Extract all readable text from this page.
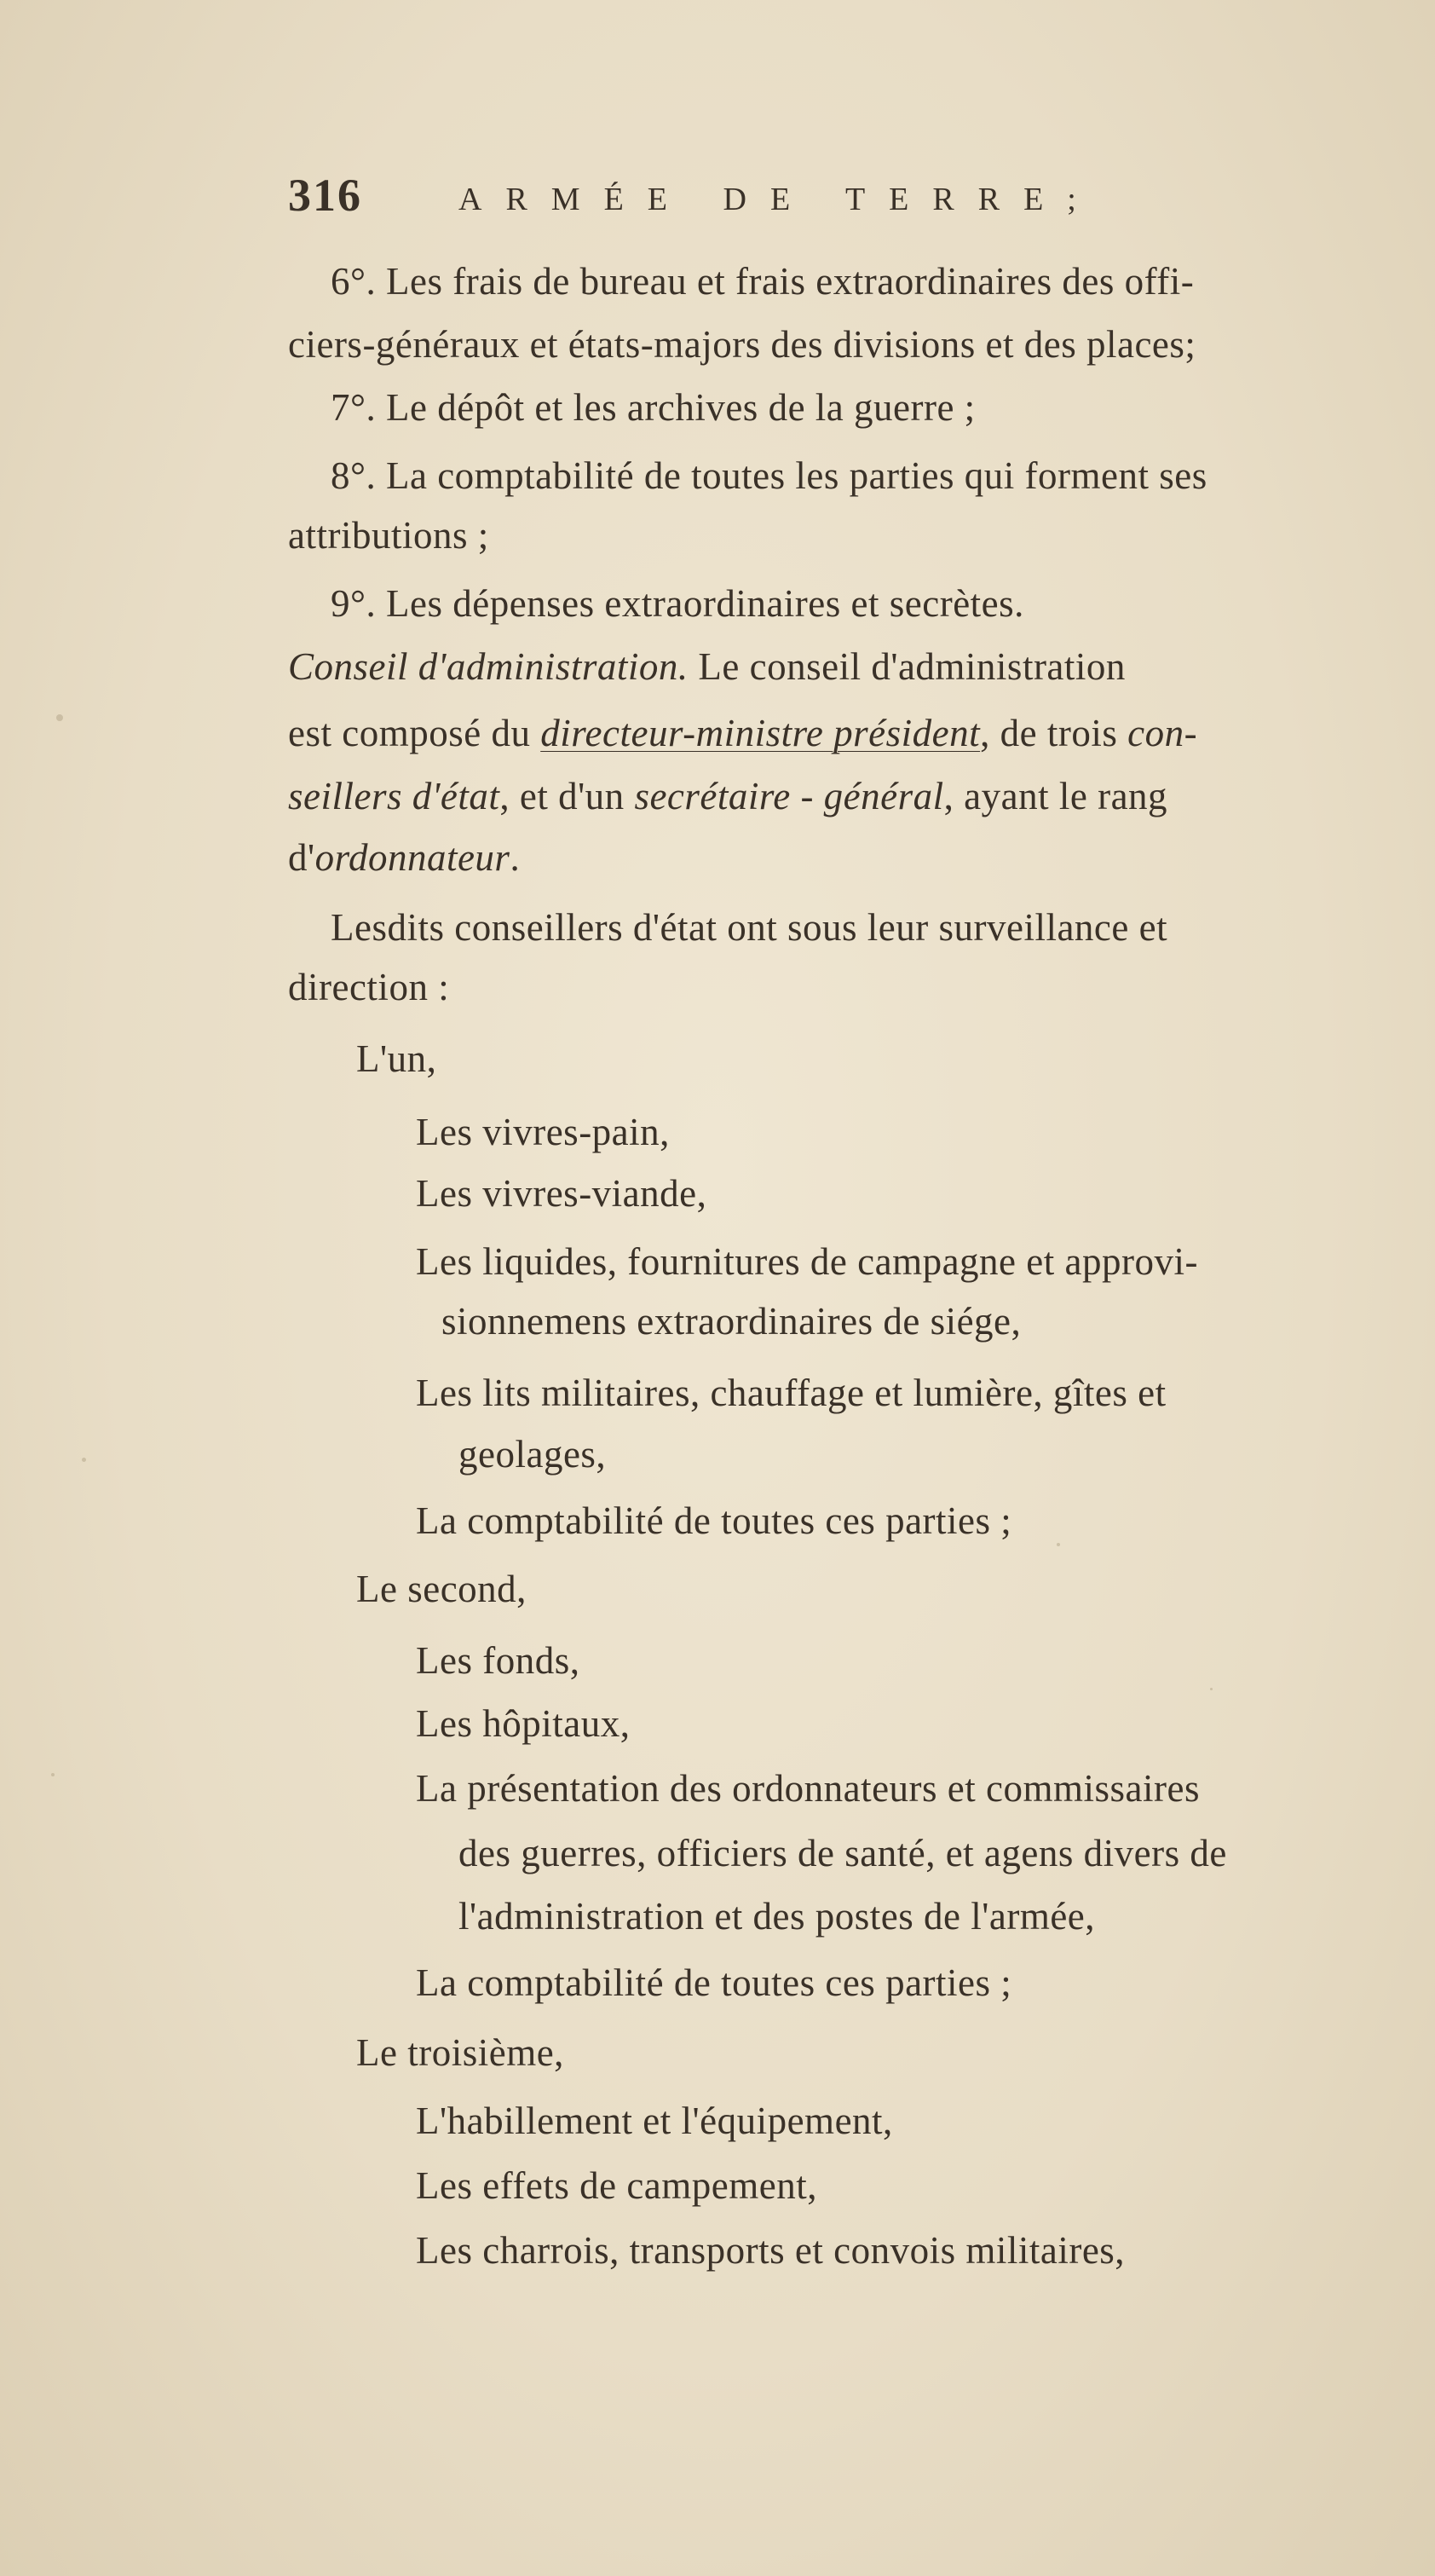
316	ARMÉE DE TERRE;
6°. Les frais de bureau et frais extraordinaires des offi-
ciers-généraux et états-majors des divisions et des places;
7°. Le dépôt et les archives de la guerre ;
8°. La comptabilité de toutes les parties qui forment ses
attributions ;
9°. Les dépenses extraordinaires et secrètes.
Conseil d'administration. Le conseil d'administration
est composé du directeur-ministre président, de trois con-
seillers d'état, et d'un secrétaire - général, ayant le rang
d'ordonnateur.
Lesdits conseillers d'état ont sous leur surveillance et
direction :
L'un,
Les vivres-pain,
Les vivres-viande,
Les liquides, fournitures de campagne et approvi-
sionnemens extraordinaires de siége,
Les lits militaires, chauffage et lumière, gîtes et
geolages,
La comptabilité de toutes ces parties ;
Le second,
Les fonds,
Les hôpitaux,
La présentation des ordonnateurs et commissaires
des guerres, officiers de santé, et agens divers de
l'administration et des postes de l'armée,
La comptabilité de toutes ces parties ;
Le troisième,
L'habillement et l'équipement,
Les effets de campement,
Les charrois, transports et convois militaires,
